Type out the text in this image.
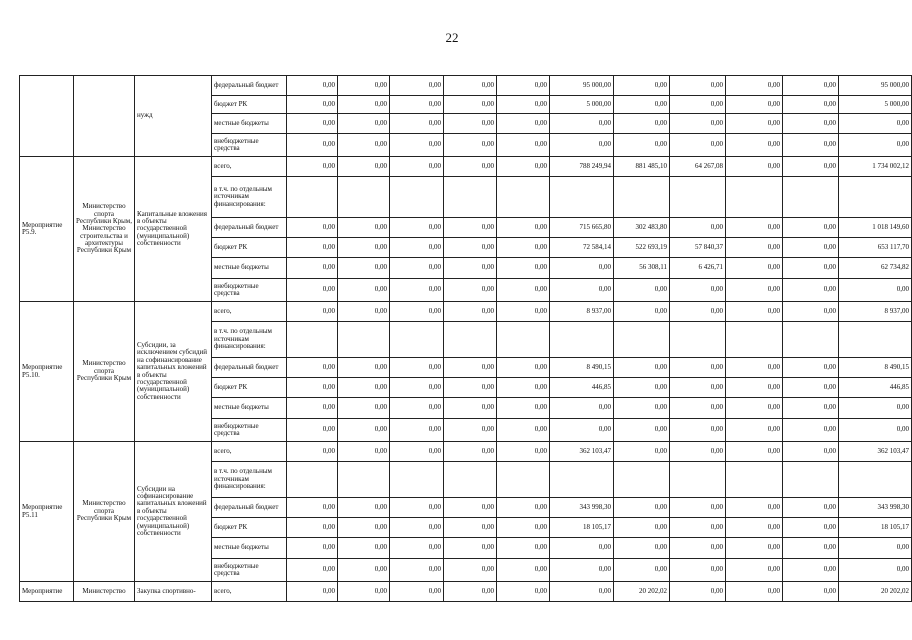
22
		нужд	федеральный бюджет	0,00	0,00	0,00	0,00	0,00	95 000,00	0,00	0,00	0,00	0,00	95 000,00
			бюджет РК	0,00	0,00	0,00	0,00	0,00	5 000,00	0,00	0,00	0,00	0,00	5 000,00
			местные бюджеты	0,00	0,00	0,00	0,00	0,00	0,00	0,00	0,00	0,00	0,00	0,00
			внебюджетные средства	0,00	0,00	0,00	0,00	0,00	0,00	0,00	0,00	0,00	0,00	0,00
Мероприятие Р5.9.	Министерство спорта Республики Крым, Министерство строительства и архитектуры Республики Крым	Капитальные вложения в объекты государственной (муниципальной) собственности	всего,	0,00	0,00	0,00	0,00	0,00	788 249,94	881 485,10	64 267,08	0,00	0,00	1 734 002,12
			в т.ч. по отдельным источникам финансирования:											
			федеральный бюджет	0,00	0,00	0,00	0,00	0,00	715 665,80	302 483,80	0,00	0,00	0,00	1 018 149,60
			бюджет РК	0,00	0,00	0,00	0,00	0,00	72 584,14	522 693,19	57 840,37	0,00	0,00	653 117,70
			местные бюджеты	0,00	0,00	0,00	0,00	0,00	0,00	56 308,11	6 426,71	0,00	0,00	62 734,82
			внебюджетные средства	0,00	0,00	0,00	0,00	0,00	0,00	0,00	0,00	0,00	0,00	0,00
Мероприятие Р5.10.	Министерство спорта Республики Крым	Субсидии, за исключением субсидий на софинансирование капитальных вложений в объекты государственной (муниципальной) собственности	всего,	0,00	0,00	0,00	0,00	0,00	8 937,00	0,00	0,00	0,00	0,00	8 937,00
			в т.ч. по отдельным источникам финансирования:											
			федеральный бюджет	0,00	0,00	0,00	0,00	0,00	8 490,15	0,00	0,00	0,00	0,00	8 490,15
			бюджет РК	0,00	0,00	0,00	0,00	0,00	446,85	0,00	0,00	0,00	0,00	446,85
			местные бюджеты	0,00	0,00	0,00	0,00	0,00	0,00	0,00	0,00	0,00	0,00	0,00
			внебюджетные средства	0,00	0,00	0,00	0,00	0,00	0,00	0,00	0,00	0,00	0,00	0,00
Мероприятие Р5.11	Министерство спорта Республики Крым	Субсидии на софинансирование капитальных вложений в объекты государственной (муниципальной) собственности	всего,	0,00	0,00	0,00	0,00	0,00	362 103,47	0,00	0,00	0,00	0,00	362 103,47
			в т.ч. по отдельным источникам финансирования:											
			федеральный бюджет	0,00	0,00	0,00	0,00	0,00	343 998,30	0,00	0,00	0,00	0,00	343 998,30
			бюджет РК	0,00	0,00	0,00	0,00	0,00	18 105,17	0,00	0,00	0,00	0,00	18 105,17
			местные бюджеты	0,00	0,00	0,00	0,00	0,00	0,00	0,00	0,00	0,00	0,00	0,00
			внебюджетные средства	0,00	0,00	0,00	0,00	0,00	0,00	0,00	0,00	0,00	0,00	0,00
Мероприятие	Министерство	Закупка спортивно-	всего,	0,00	0,00	0,00	0,00	0,00	0,00	20 202,02	0,00	0,00	0,00	20 202,02
